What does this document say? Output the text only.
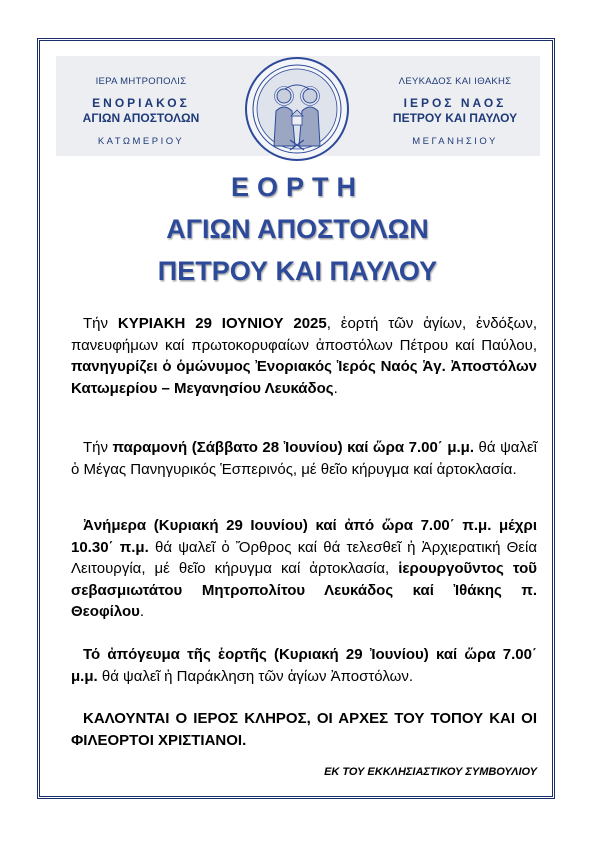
ΙΕΡΑ ΜΗΤΡΟΠΟΛΙΣ
ΕΝΟΡΙΑΚΟΣ
ΑΓΙΩΝ ΑΠΟΣΤΟΛΩΝ
ΚΑΤΩΜΕΡΙΟΥ
ΛΕΥΚΑΔΟΣ ΚΑΙ ΙΘΑΚΗΣ
ΙΕΡΟΣ ΝΑΟΣ
ΠΕΤΡΟΥ ΚΑΙ ΠΑΥΛΟΥ
ΜΕΓΑΝΗΣΙΟΥ
ΕΟΡΤΗ
ΑΓΙΩΝ ΑΠΟΣΤΟΛΩΝ
ΠΕΤΡΟΥ ΚΑΙ ΠΑΥΛΟΥ

Τήν ΚΥΡΙΑΚΗ 29 ΙΟΥΝΙΟΥ 2025, ἑορτή τῶν ἁγίων, ἐνδόξων, πανευφήμων καί πρωτοκορυφαίων ἀποστόλων Πέτρου καί Παύλου, πανηγυρίζει ὁ ὁμώνυμος Ἐνοριακός Ἱερός Ναός Ἁγ. Ἀποστόλων Κατωμερίου – Μεγανησίου Λευκάδος.

Τήν παραμονή (Σάββατο 28 Ἰουνίου) καί ὥρα 7.00΄ μ.μ. θά ψαλεῖ ὁ Μέγας Πανηγυρικός Ἑσπερινός, μέ θεῖο κήρυγμα καί ἀρτοκλασία.

Ἀνήμερα (Κυριακή 29 Ιουνίου) καί ἀπό ὥρα 7.00΄ π.μ. μέχρι 10.30΄ π.μ. θά ψαλεῖ ὁ Ὄρθρος καί θά τελεσθεῖ ἡ Ἀρχιερατική Θεία Λειτουργία, μέ θεῖο κήρυγμα καί ἀρτοκλασία, ἱερουργοῦντος τοῦ σεβασμιωτάτου Μητροπολίτου Λευκάδος καί Ἰθάκης π. Θεοφίλου.

Τό ἀπόγευμα τῆς ἑορτῆς (Κυριακή 29 Ἰουνίου) καί ὥρα 7.00΄ μ.μ. θά ψαλεῖ ἡ Παράκληση τῶν ἁγίων Ἀποστόλων.

ΚΑΛΟΥΝΤΑΙ Ο ΙΕΡΟΣ ΚΛΗΡΟΣ, ΟΙ ΑΡΧΕΣ ΤΟΥ ΤΟΠΟΥ ΚΑΙ ΟΙ ΦΙΛΕΟΡΤΟΙ ΧΡΙΣΤΙΑΝΟΙ.

ΕΚ ΤΟΥ ΕΚΚΛΗΣΙΑΣΤΙΚΟΥ ΣΥΜΒΟΥΛΙΟΥ
